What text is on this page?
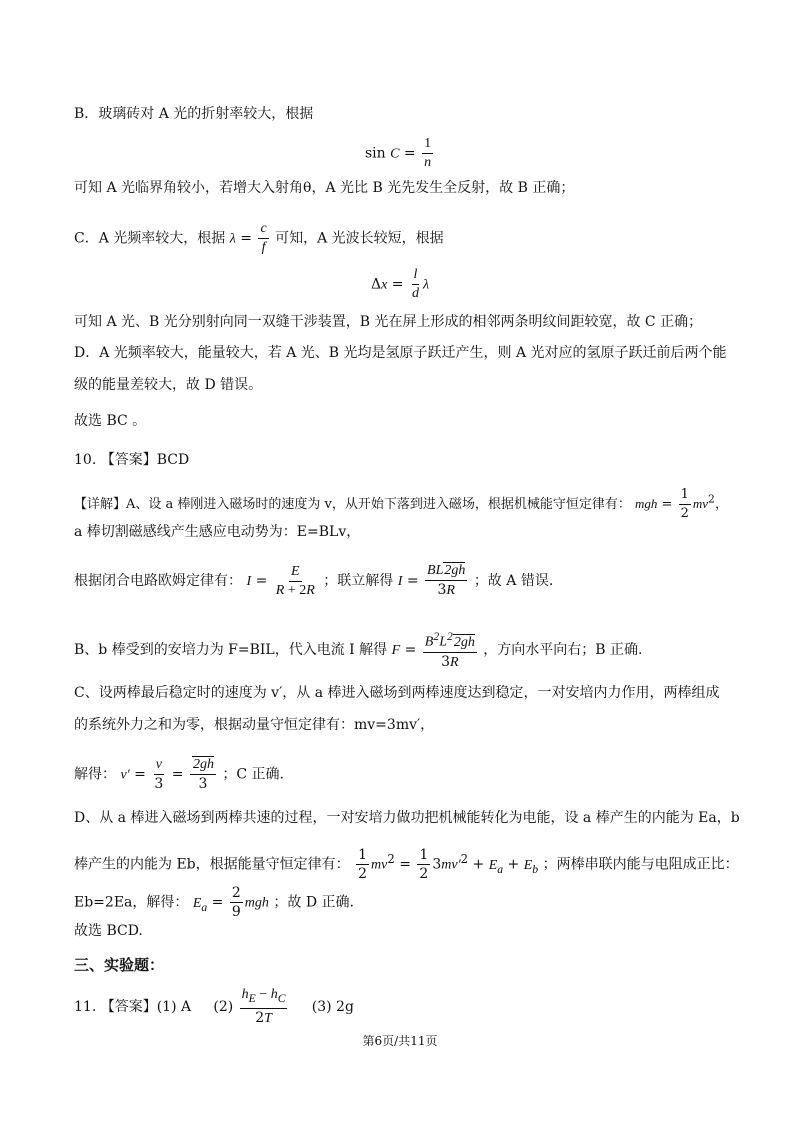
B．玻璃砖对 A 光的折射率较大，根据
$\sin C = \frac{1}{n}$
可知 A 光临界角较小，若增大入射角θ，A 光比 B 光先发生全反射，故 B 正确；
C．A 光频率较大，根据 $\lambda = \frac{c}{f}$ 可知，A 光波长较短，根据
$\Delta x = \frac{l}{d}$ λ
可知 A 光、B 光分别射向同一双缝干涉装置，B 光在屏上形成的相邻两条明纹间距较宽，故 C 正确；
D．A 光频率较大，能量较大，若 A 光、B 光均是氢原子跃迁产生，则 A 光对应的氢原子跃迁前后两个能
级的能量差较大，故 D 错误。
故选 BC 。
10. 【答案】BCD
【详解】A、设 a 棒刚进入磁场时的速度为 v，从开始下落到进入磁场，根据机械能守恒定律有： mgh = $\frac{1}{2} mv^2$，
a 棒切割磁感线产生感应电动势为：E=BLv，
根据闭合电路欧姆定律有： $I = \frac{E}{R + 2R}$ ；联立解得 $I = \frac{BL2gh}{3R}$ ；故 A 错误.
B、b 棒受到的安培力为 F=BIL，代入电流 I 解得 $F = \frac{B^2L^22gh}{3R}$ ，方向水平向右；B 正确.
C、设两棒最后稳定时的速度为 v′，从 a 棒进入磁场到两棒速度达到稳定，一对安培内力作用，两棒组成
的系统外力之和为零，根据动量守恒定律有：mv=3mv′，
解得： $v' = \frac{v}{3} = \frac{2gh}{3}$ ；C 正确.
D、从 a 棒进入磁场到两棒共速的过程，一对安培力做功把机械能转化为电能，设 a 棒产生的内能为 Ea，b
棒产生的内能为 Eb，根据能量守恒定律有： $\frac{1}{2} mv^2 = \frac{1}{2} 3mv'^2 + E_a + E_b$ ；两棒串联内能与电阻成正比：
Eb=2Ea，解得： $E_a = \frac{2}{9}$ mgh ；故 D 正确.
故选 BCD.
三、实验题：
11. 【答案】(1) A $(2) \frac{h_E - h_C}{2T} (3)$ 2g
第6页/共11页
